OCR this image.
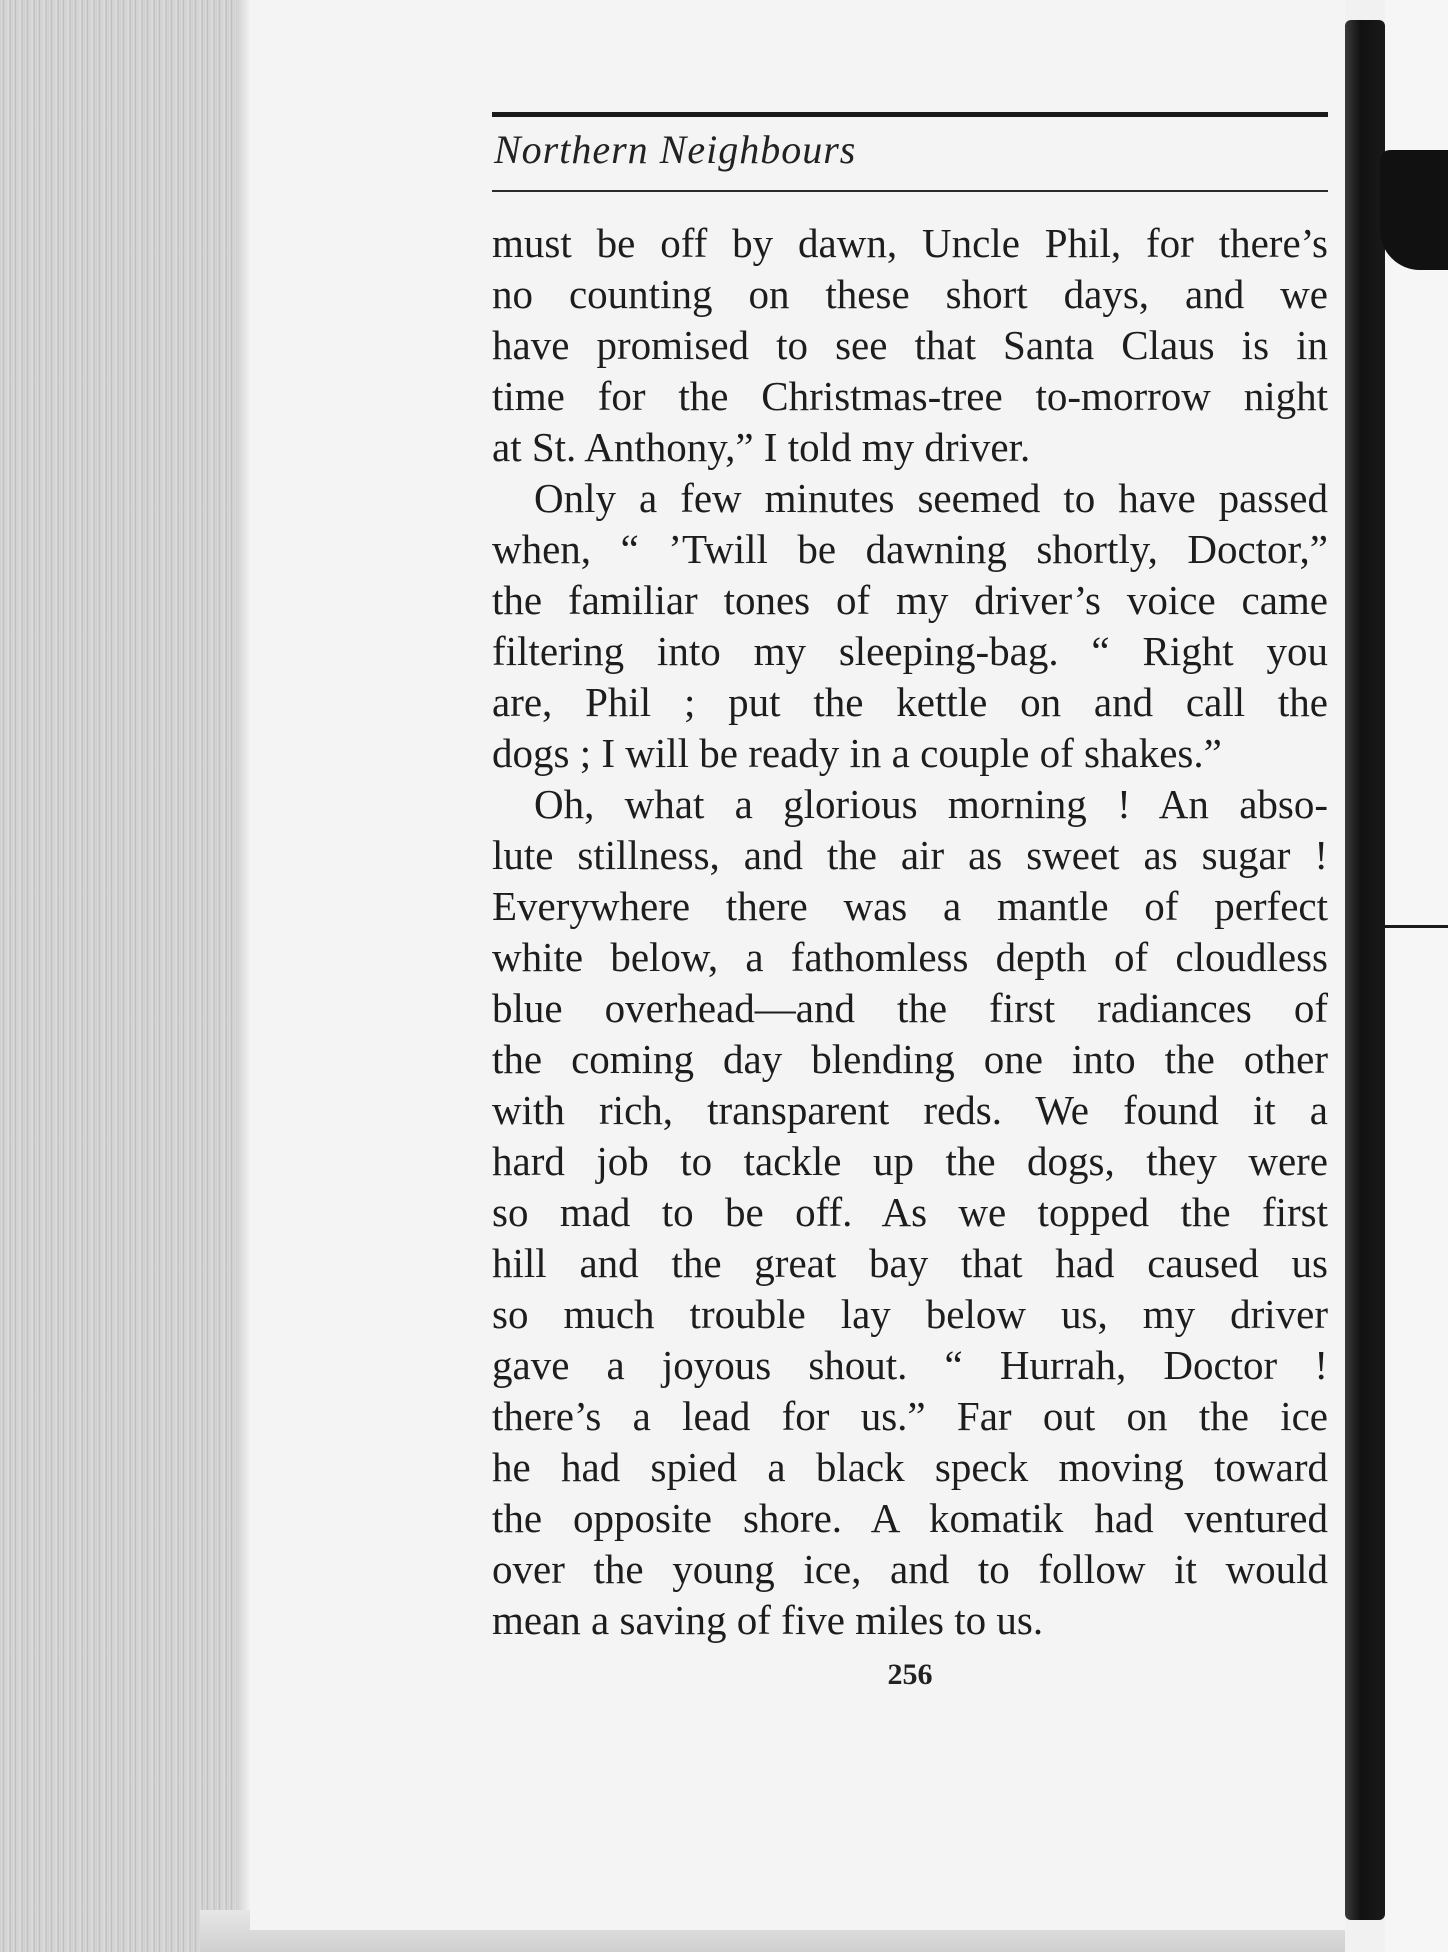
Northern Neighbours
must be off by dawn, Uncle Phil, for there’s
no counting on these short days, and we
have promised to see that Santa Claus is in
time for the Christmas-tree to-morrow night
at St. Anthony,” I told my driver.
Only a few minutes seemed to have passed
when, “ ’Twill be dawning shortly, Doctor,”
the familiar tones of my driver’s voice came
filtering into my sleeping-bag. “ Right you
are, Phil ; put the kettle on and call the
dogs ; I will be ready in a couple of shakes.”
Oh, what a glorious morning ! An abso-
lute stillness, and the air as sweet as sugar !
Everywhere there was a mantle of perfect
white below, a fathomless depth of cloudless
blue overhead—and the first radiances of
the coming day blending one into the other
with rich, transparent reds. We found it a
hard job to tackle up the dogs, they were
so mad to be off. As we topped the first
hill and the great bay that had caused us
so much trouble lay below us, my driver
gave a joyous shout. “ Hurrah, Doctor !
there’s a lead for us.” Far out on the ice
he had spied a black speck moving toward
the opposite shore. A komatik had ventured
over the young ice, and to follow it would
mean a saving of five miles to us.
256
